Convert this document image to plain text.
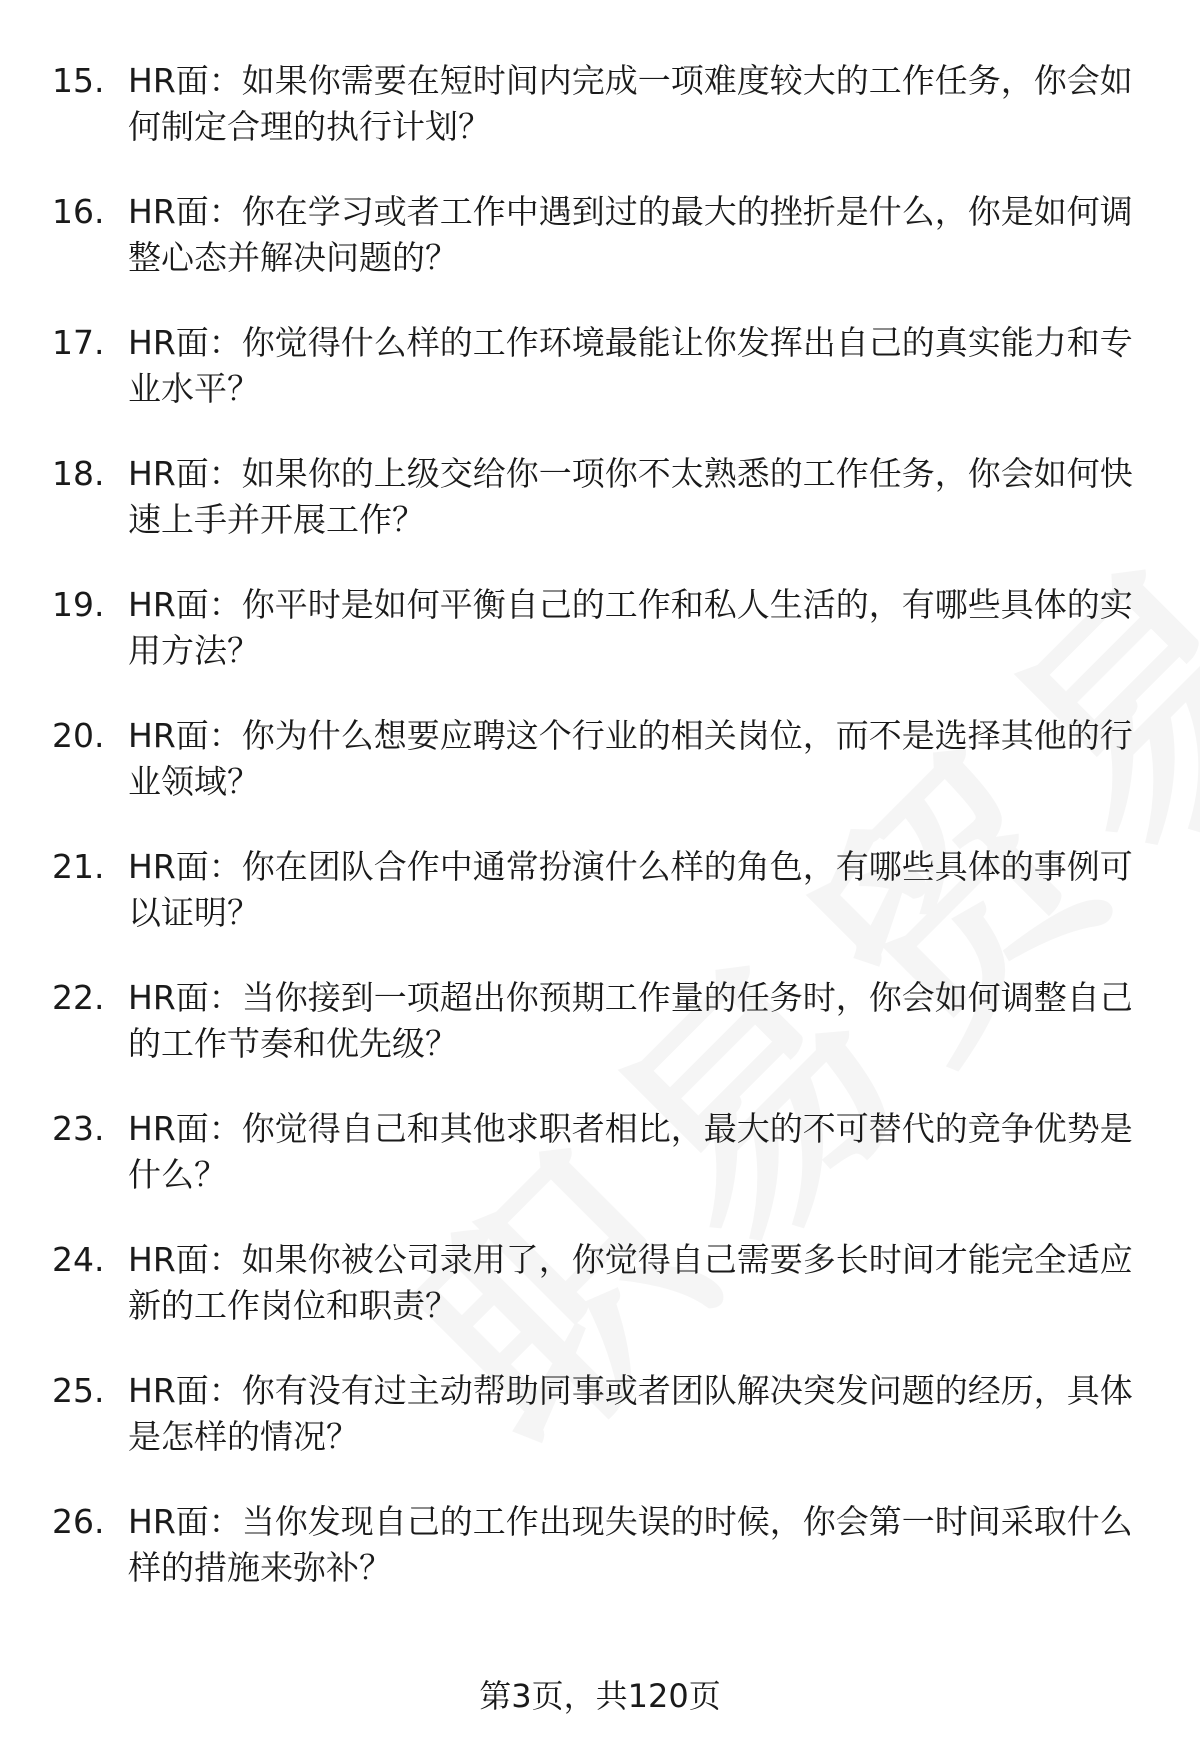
15. HR面：如果你需要在短时间内完成一项难度较大的工作任务，你会如何制定合理的执行计划？
16. HR面：你在学习或者工作中遇到过的最大的挫折是什么，你是如何调整心态并解决问题的？
17. HR面：你觉得什么样的工作环境最能让你发挥出自己的真实能力和专业水平？
18. HR面：如果你的上级交给你一项你不太熟悉的工作任务，你会如何快速上手并开展工作？
19. HR面：你平时是如何平衡自己的工作和私人生活的，有哪些具体的实用方法？
20. HR面：你为什么想要应聘这个行业的相关岗位，而不是选择其他的行业领域？
21. HR面：你在团队合作中通常扮演什么样的角色，有哪些具体的事例可以证明？
22. HR面：当你接到一项超出你预期工作量的任务时，你会如何调整自己的工作节奏和优先级？
23. HR面：你觉得自己和其他求职者相比，最大的不可替代的竞争优势是什么？
24. HR面：如果你被公司录用了，你觉得自己需要多长时间才能完全适应新的工作岗位和职责？
25. HR面：你有没有过主动帮助同事或者团队解决突发问题的经历，具体是怎样的情况？
26. HR面：当你发现自己的工作出现失误的时候，你会第一时间采取什么样的措施来弥补？
第3页，共120页
